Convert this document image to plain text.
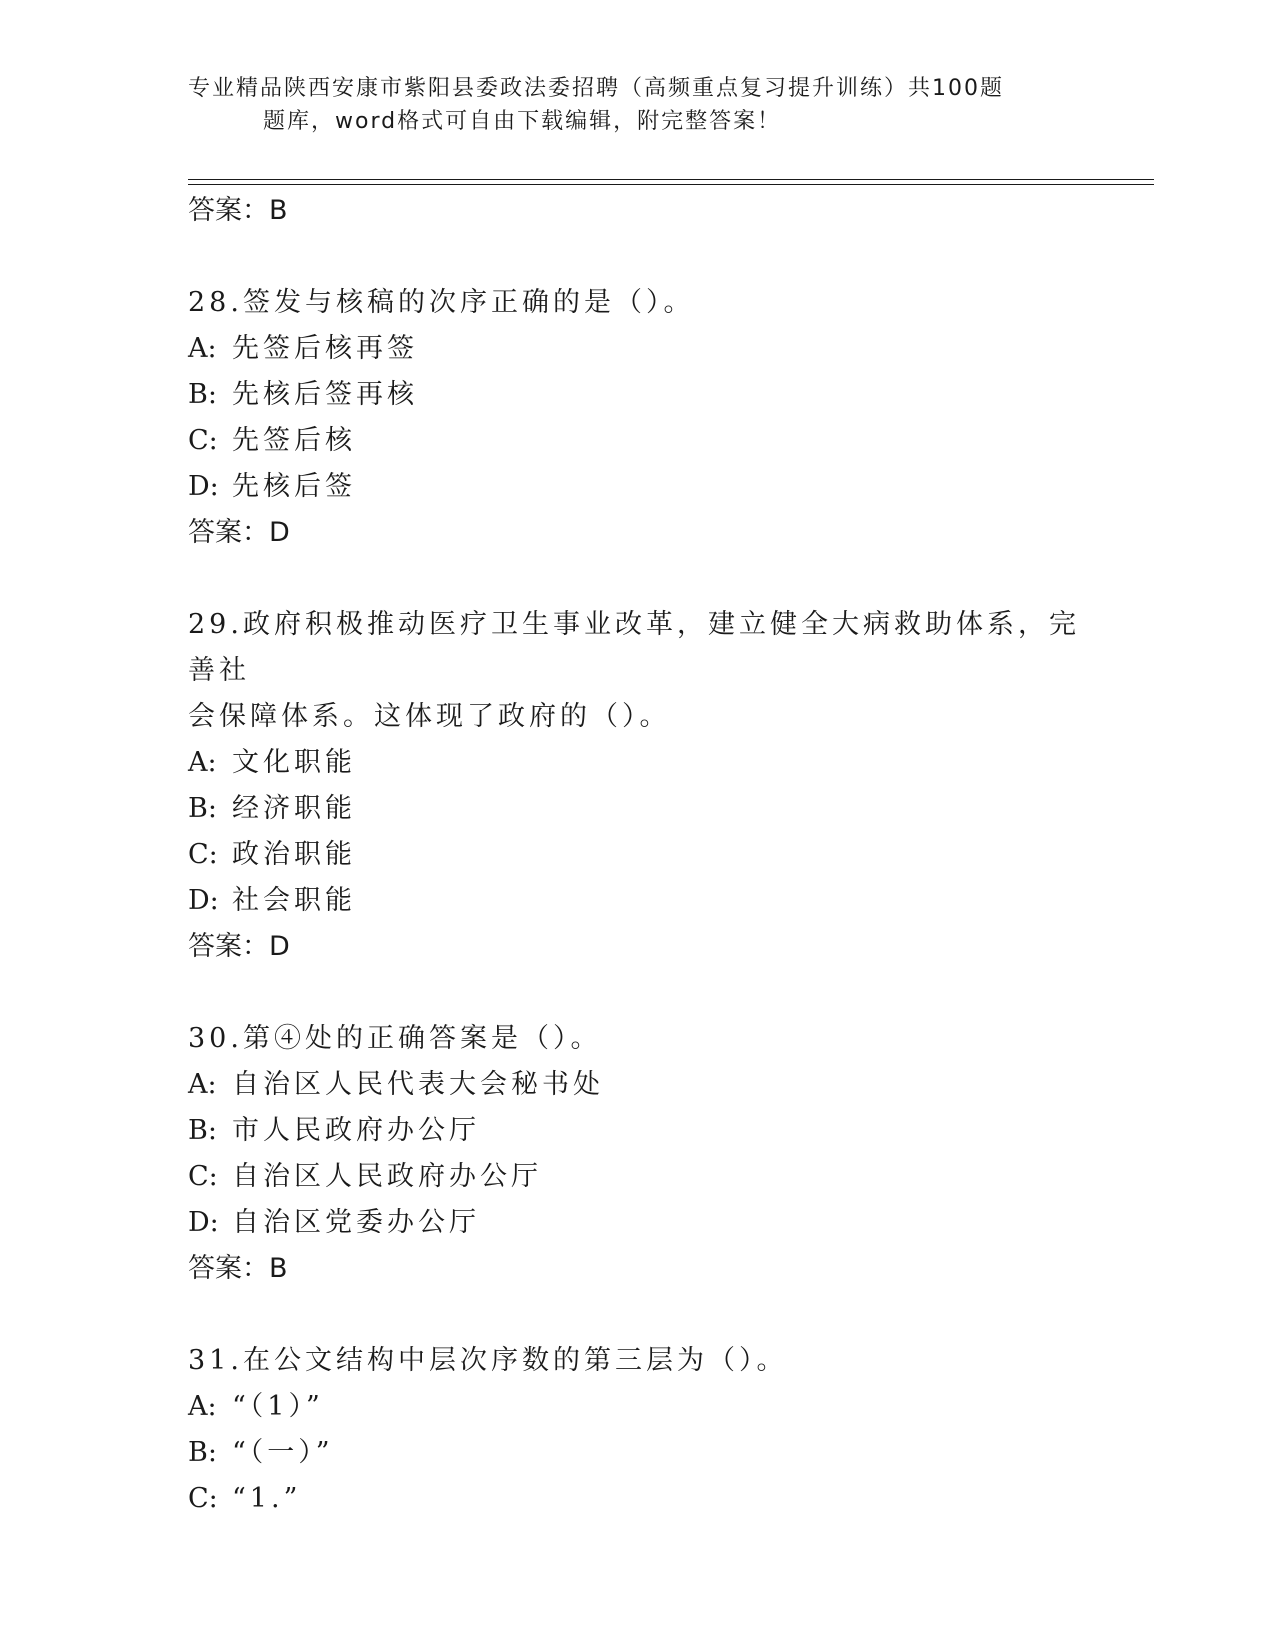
专业精品陕西安康市紫阳县委政法委招聘（高频重点复习提升训练）共100题
题库，word格式可自由下载编辑，附完整答案！
答案：B
28.签发与核稿的次序正确的是（）。
A: 先签后核再签
B: 先核后签再核
C: 先签后核
D: 先核后签
答案：D
29.政府积极推动医疗卫生事业改革，建立健全大病救助体系，完善社
会保障体系。这体现了政府的（）。
A: 文化职能
B: 经济职能
C: 政治职能
D: 社会职能
答案：D
30.第④处的正确答案是（）。
A: 自治区人民代表大会秘书处
B: 市人民政府办公厅
C: 自治区人民政府办公厅
D: 自治区党委办公厅
答案：B
31.在公文结构中层次序数的第三层为（）。
A: “（1）”
B: “（一）”
C: “1.”
